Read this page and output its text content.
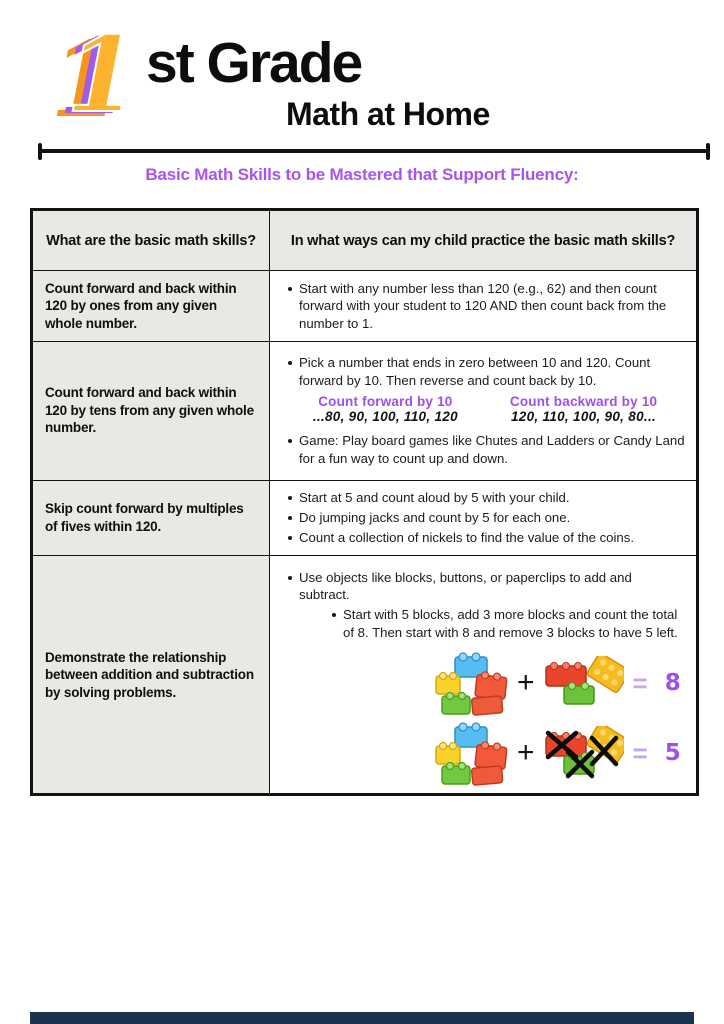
1 st Grade
Math at Home
Basic Math Skills to be Mastered that Support Fluency:
What are the basic math skills?	In what ways can my child practice the basic math skills?
Count forward and back within 120 by ones from any given whole number.	
Start with any number less than 120 (e.g., 62) and then count forward with your student to 120 AND then count back from the number to 1.

Count forward and back within 120 by tens from any given whole number.	
Pick a number that ends in zero between 10 and 120. Count forward by 10. Then reverse and count back by 10.
Count forward by 10
...80, 90, 100, 110, 120
Count backward by 10
120, 110, 100, 90, 80...
Game: Play board games like Chutes and Ladders or Candy Land for a fun way to count up and down.

Skip count forward by multiples of fives within 120.	
Start at 5 and count aloud by 5 with your child.
Do jumping jacks and count by 5 for each one.
Count a collection of nickels to find the value of the coins.

Demonstrate the relationship between addition and subtraction by solving problems.	
Use objects like blocks, buttons, or paperclips to add and subtract.
Start with 5 blocks, add 3 more blocks and count the total of 8. Then start with 8 and remove 3 blocks to have 5 left.
+	= 8
+	= 5
